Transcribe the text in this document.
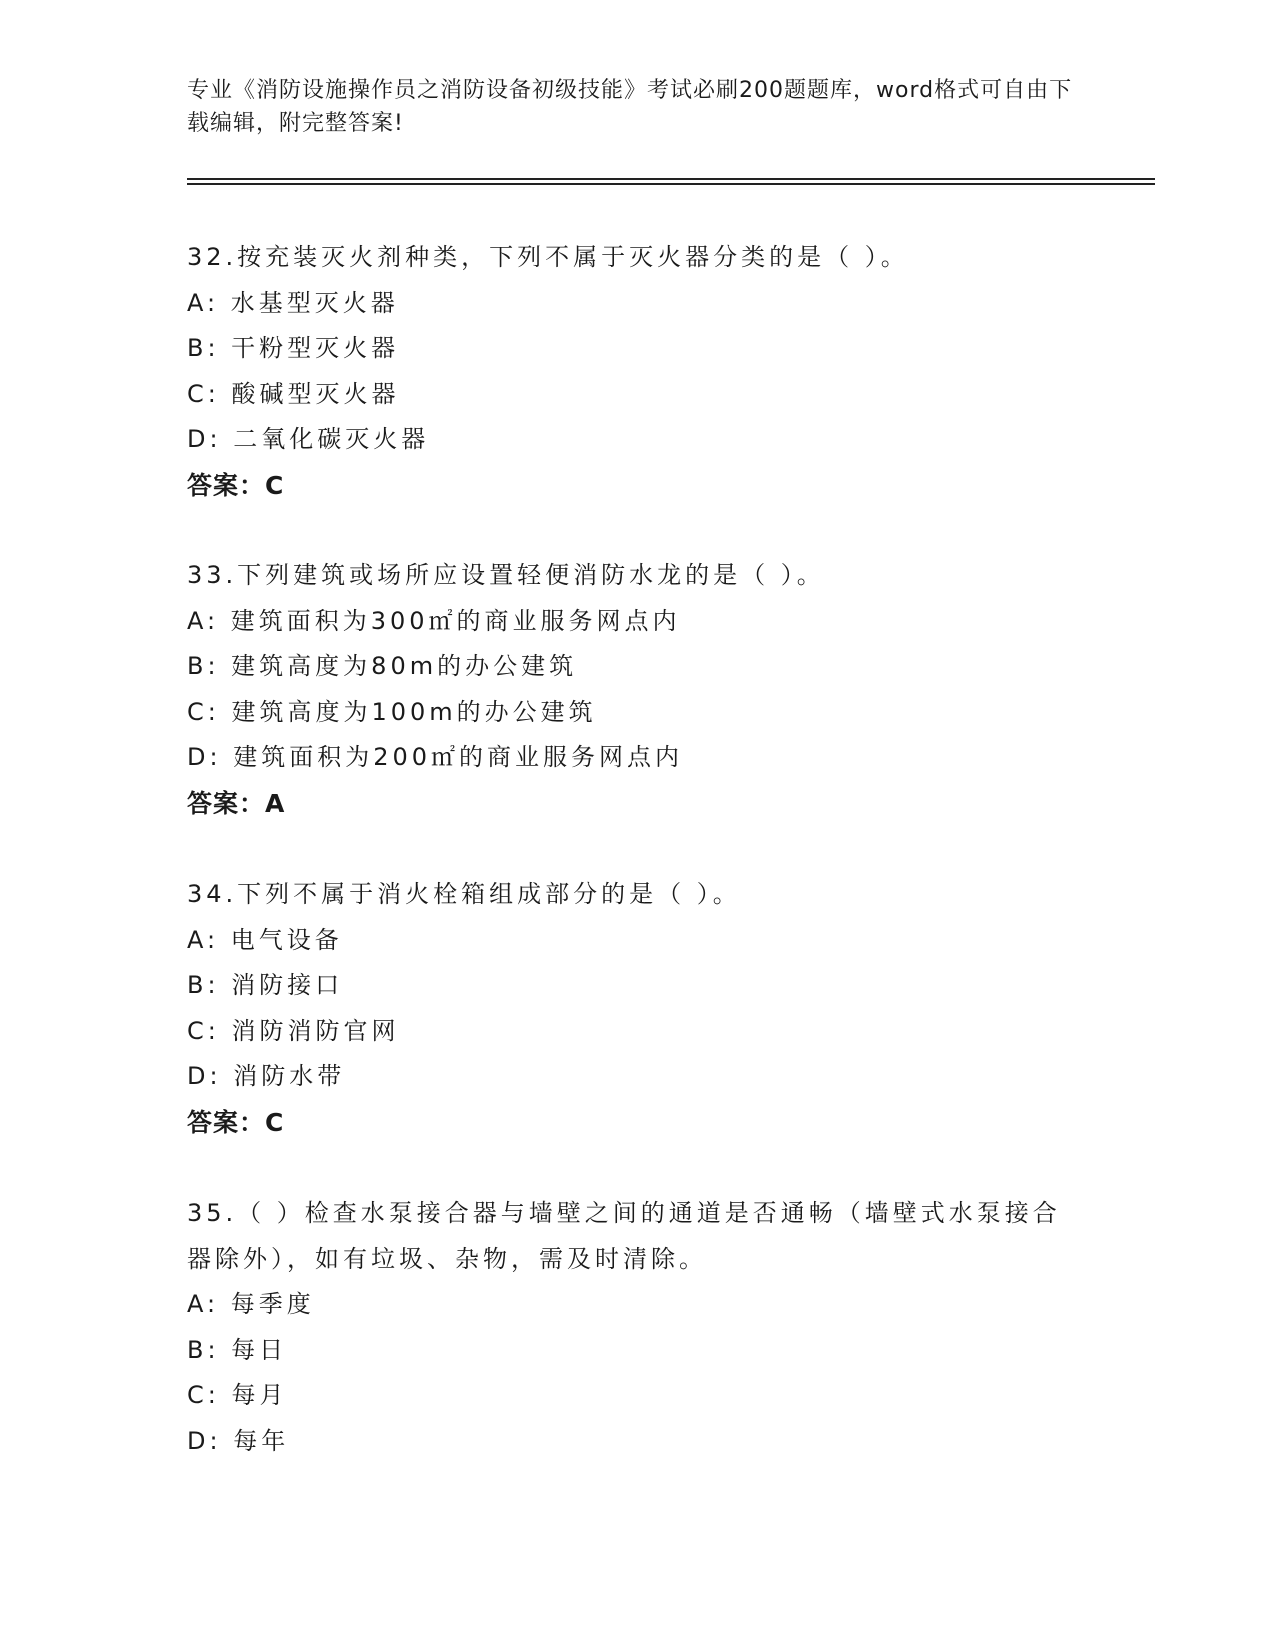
专业《消防设施操作员之消防设备初级技能》考试必刷200题题库，word格式可自由下载编辑，附完整答案!
32.按充装灭火剂种类，下列不属于灭火器分类的是（ ）。
A: 水基型灭火器
B: 干粉型灭火器
C: 酸碱型灭火器
D: 二氧化碳灭火器
答案：C
33.下列建筑或场所应设置轻便消防水龙的是（ ）。
A: 建筑面积为300㎡的商业服务网点内
B: 建筑高度为80m的办公建筑
C: 建筑高度为100m的办公建筑
D: 建筑面积为200㎡的商业服务网点内
答案：A
34.下列不属于消火栓箱组成部分的是（ ）。
A: 电气设备
B: 消防接口
C: 消防消防官网
D: 消防水带
答案：C
35.（ ）检查水泵接合器与墙壁之间的通道是否通畅（墙壁式水泵接合器除外），如有垃圾、杂物，需及时清除。
A: 每季度
B: 每日
C: 每月
D: 每年
